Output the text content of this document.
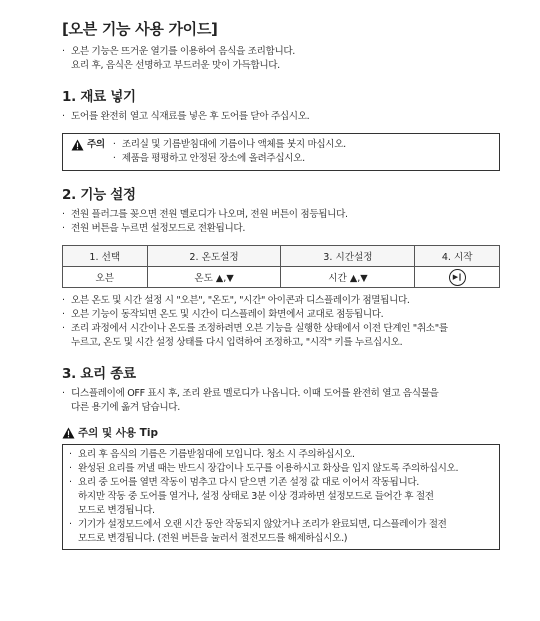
[오븐 기능 사용 가이드]
· 오븐 기능은 뜨거운 열기를 이용하여 음식을 조리합니다.
요리 후, 음식은 선명하고 부드러운 맛이 가득합니다.
1. 재료 넣기
· 도어를 완전히 열고 식재료를 넣은 후 도어를 닫아 주십시오.
주의	· 조리실 및 기름받침대에 기름이나 액체를 붓지 마십시오.
· 제품을 평평하고 안정된 장소에 올려주십시오.
2. 기능 설정
· 전원 플러그를 꽂으면 전원 멜로디가 나오며, 전원 버튼이 점등됩니다.
· 전원 버튼을 누르면 설정모드로 전환됩니다.
1. 선택	2. 온도설정	3. 시간설정	4. 시작
오븐	온도 ▲,▼	시간 ▲,▼	▶‖
· 오븐 온도 및 시간 설정 시 "오븐", "온도", "시간" 아이콘과 디스플레이가 점멸됩니다.
· 오븐 기능이 동작되면 온도 및 시간이 디스플레이 화면에서 교대로 점등됩니다.
· 조리 과정에서 시간이나 온도를 조정하려면 오븐 기능을 실행한 상태에서 이전 단계인 "취소"를
누르고, 온도 및 시간 설정 상태를 다시 입력하여 조정하고, "시작" 키를 누르십시오.
3. 요리 종료
· 디스플레이에 OFF 표시 후, 조리 완료 멜로디가 나옵니다. 이때 도어를 완전히 열고 음식물을
다른 용기에 옮겨 담습니다.
주의 및 사용 Tip
· 요리 후 음식의 기름은 기름받침대에 모입니다. 청소 시 주의하십시오.
· 완성된 요리를 꺼낼 때는 반드시 장갑이나 도구를 이용하시고 화상을 입지 않도록 주의하십시오.
· 요리 중 도어를 열면 작동이 멈추고 다시 닫으면 기존 설정 값 대로 이어서 작동됩니다.
하지만 작동 중 도어를 열거나, 설정 상태로 3분 이상 경과하면 설정모드로 들어간 후 절전
모드로 변경됩니다.
· 기기가 설정모드에서 오랜 시간 동안 작동되지 않았거나 조리가 완료되면, 디스플레이가 절전
모드로 변경됩니다. (전원 버튼을 눌러서 절전모드를 해제하십시오.)
